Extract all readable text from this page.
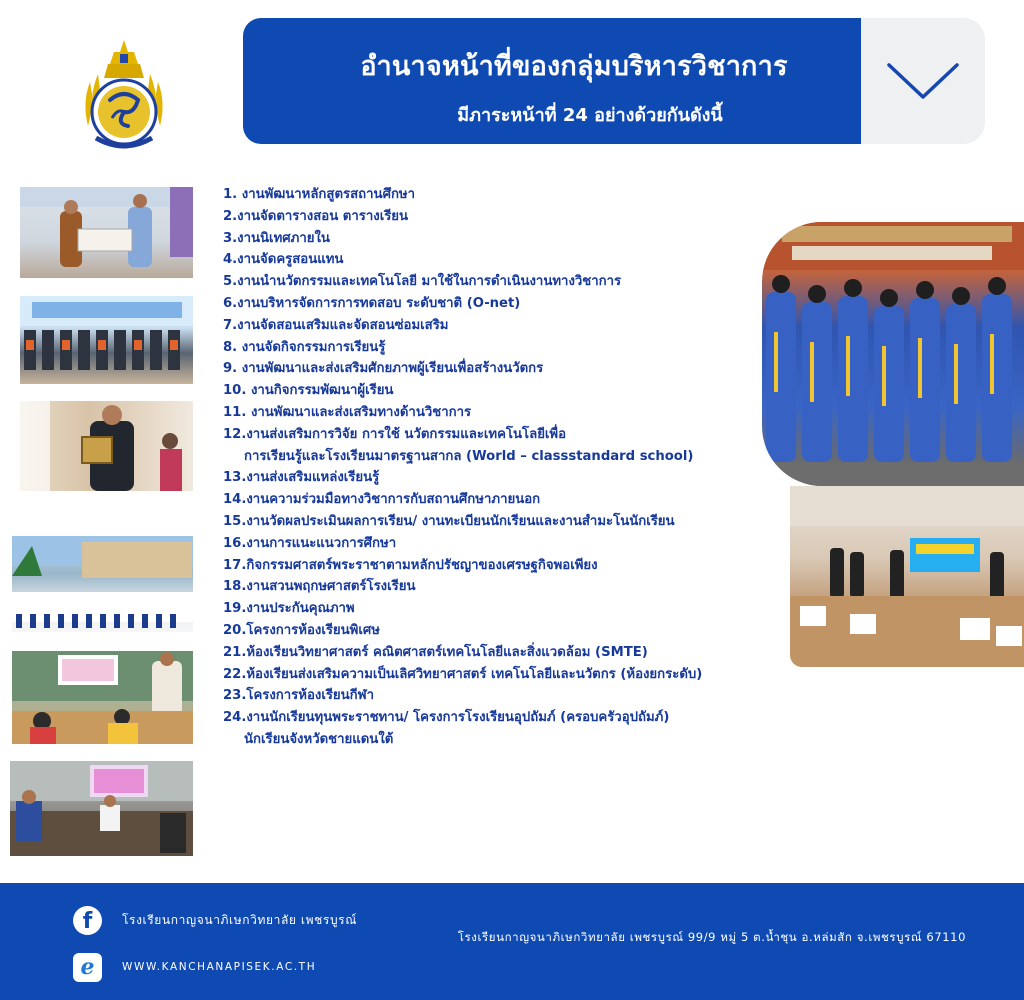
อำนาจหน้าที่ของกลุ่มบริหารวิชาการ
มีภาระหน้าที่ 24 อย่างด้วยกันดังนี้
1. งานพัฒนาหลักสูตรสถานศึกษา
2.งานจัดตารางสอน ตารางเรียน
3.งานนิเทศภายใน
4.งานจัดครูสอนแทน
5.งานนำนวัตกรรมและเทคโนโลยี มาใช้ในการดำเนินงานทางวิชาการ
6.งานบริหารจัดการการทดสอบ ระดับชาติ (O-net)
7.งานจัดสอนเสริมและจัดสอนซ่อมเสริม
8. งานจัดกิจกรรมการเรียนรู้
9. งานพัฒนาและส่งเสริมศักยภาพผู้เรียนเพื่อสร้างนวัตกร
10. งานกิจกรรมพัฒนาผู้เรียน
11. งานพัฒนาและส่งเสริมทางด้านวิชาการ
12.งานส่งเสริมการวิจัย การใช้ นวัตกรรมและเทคโนโลยีเพื่อ
การเรียนรู้และโรงเรียนมาตรฐานสากล (World – classstandard school)
13.งานส่งเสริมแหล่งเรียนรู้
14.งานความร่วมมือทางวิชาการกับสถานศึกษาภายนอก
15.งานวัดผลประเมินผลการเรียน/ งานทะเบียนนักเรียนและงานสำมะโนนักเรียน
16.งานการแนะแนวการศึกษา
17.กิจกรรมศาสตร์พระราชาตามหลักปรัชญาของเศรษฐกิจพอเพียง
18.งานสวนพฤกษศาสตร์โรงเรียน
19.งานประกันคุณภาพ
20.โครงการห้องเรียนพิเศษ
21.ห้องเรียนวิทยาศาสตร์ คณิตศาสตร์เทคโนโลยีและสิ่งแวดล้อม (SMTE)
22.ห้องเรียนส่งเสริมความเป็นเลิศวิทยาศาสตร์ เทคโนโลยีและนวัตกร (ห้องยกระดับ)
23.โครงการห้องเรียนกีฬา
24.งานนักเรียนทุนพระราชทาน/ โครงการโรงเรียนอุปถัมภ์ (ครอบครัวอุปถัมภ์)
นักเรียนจังหวัดชายแดนใต้
f	โรงเรียนกาญจนาภิเษกวิทยาลัย เพชรบูรณ์
e	WWW.KANCHANAPISEK.AC.TH
โรงเรียนกาญจนาภิเษกวิทยาลัย เพชรบูรณ์ 99/9 หมู่ 5 ต.น้ำชุน อ.หล่มสัก จ.เพชรบูรณ์ 67110
